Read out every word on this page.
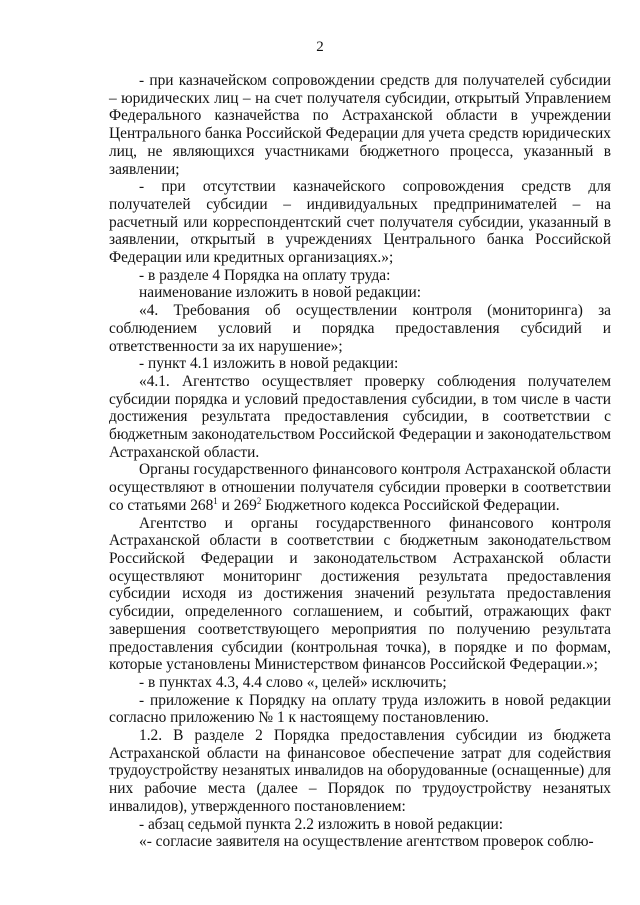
2

- при казначейском сопровождении средств для получателей субсидии – юридических лиц – на счет получателя субсидии, открытый Управлением Федерального казначейства по Астраханской области в учреждении Центрального банка Российской Федерации для учета средств юридических лиц, не являющихся участниками бюджетного процесса, указанный в заявлении;

- при отсутствии казначейского сопровождения средств для получателей субсидии – индивидуальных предпринимателей – на расчетный или корреспондентский счет получателя субсидии, указанный в заявлении, открытый в учреждениях Центрального банка Российской Федерации или кредитных организациях.»;

- в разделе 4 Порядка на оплату труда:

наименование изложить в новой редакции:

«4. Требования об осуществлении контроля (мониторинга) за соблюдением условий и порядка предоставления субсидий и ответственности за их нарушение»;

- пункт 4.1 изложить в новой редакции:

«4.1. Агентство осуществляет проверку соблюдения получателем субсидии порядка и условий предоставления субсидии, в том числе в части достижения результата предоставления субсидии, в соответствии с бюджетным законодательством Российской Федерации и законодательством Астраханской области.

Органы государственного финансового контроля Астраханской области осуществляют в отношении получателя субсидии проверки в соответствии со статьями $268^1$ и $269^2$ Бюджетного кодекса Российской Федерации.

Агентство и органы государственного финансового контроля Астраханской области в соответствии с бюджетным законодательством Российской Федерации и законодательством Астраханской области осуществляют мониторинг достижения результата предоставления субсидии исходя из достижения значений результата предоставления субсидии, определенного соглашением, и событий, отражающих факт завершения соответствующего мероприятия по получению результата предоставления субсидии (контрольная точка), в порядке и по формам, которые установлены Министерством финансов Российской Федерации.»;

- в пунктах 4.3, 4.4 слово «, целей» исключить;

- приложение к Порядку на оплату труда изложить в новой редакции согласно приложению № 1 к настоящему постановлению.

1.2. В разделе 2 Порядка предоставления субсидии из бюджета Астраханской области на финансовое обеспечение затрат для содействия трудоустройству незанятых инвалидов на оборудованные (оснащенные) для них рабочие места (далее – Порядок по трудоустройству незанятых инвалидов), утвержденного постановлением:

- абзац седьмой пункта 2.2 изложить в новой редакции:

«- согласие заявителя на осуществление агентством проверок соблю-
